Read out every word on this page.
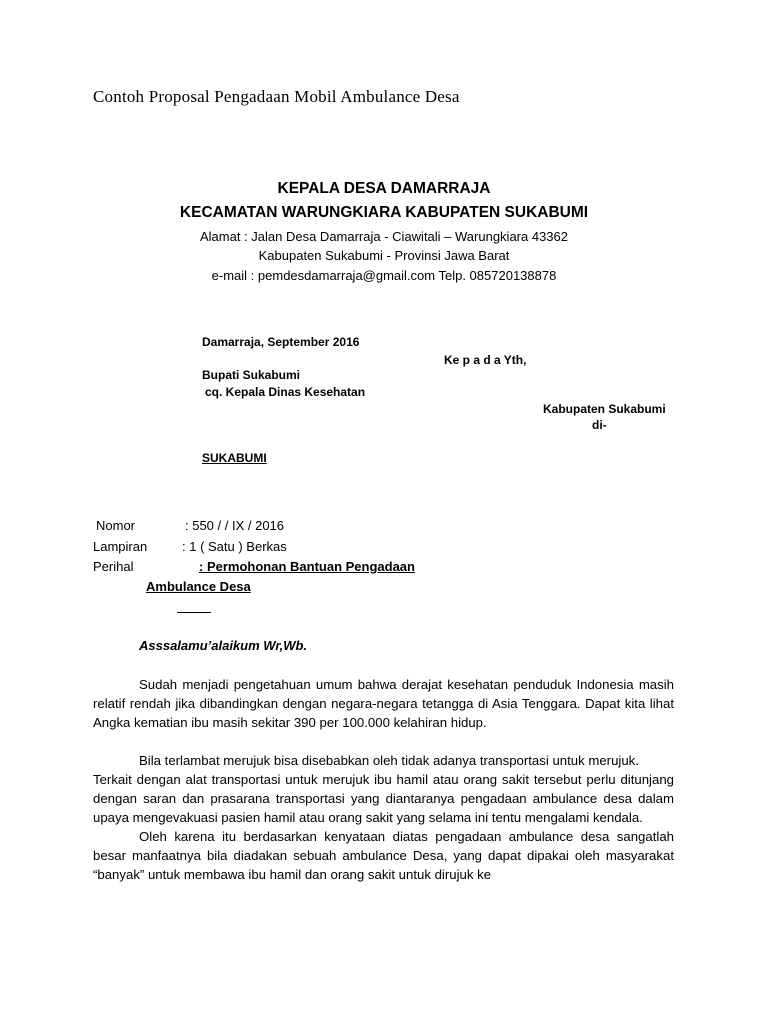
Contoh Proposal Pengadaan Mobil Ambulance Desa
KEPALA DESA DAMARRAJA
KECAMATAN WARUNGKIARA KABUPATEN SUKABUMI
Alamat : Jalan Desa Damarraja - Ciawitali – Warungkiara 43362
Kabupaten Sukabumi - Provinsi Jawa Barat
e-mail : pemdesdamarraja@gmail.com Telp. 085720138878
Damarraja, September 2016
Ke p a d a Yth,
Bupati Sukabumi
cq. Kepala Dinas Kesehatan
Kabupaten Sukabumi
di-
SUKABUMI
Nomor	: 550 / / IX / 2016
Lampiran	: 1 ( Satu ) Berkas
Perihal	: Permohonan Bantuan Pengadaan
Ambulance Desa
Asssalamu’alaikum Wr,Wb.

Sudah menjadi pengetahuan umum bahwa derajat kesehatan penduduk Indonesia masih relatif rendah jika dibandingkan dengan negara-negara tetangga di Asia Tenggara. Dapat kita lihat Angka kematian ibu masih sekitar 390 per 100.000 kelahiran hidup.

Bila terlambat merujuk bisa disebabkan oleh tidak adanya transportasi untuk merujuk.

Terkait dengan alat transportasi untuk merujuk ibu hamil atau orang sakit tersebut perlu ditunjang dengan saran dan prasarana transportasi yang diantaranya pengadaan ambulance desa dalam upaya mengevakuasi pasien hamil atau orang sakit yang selama ini tentu mengalami kendala.

Oleh karena itu berdasarkan kenyataan diatas pengadaan ambulance desa sangatlah besar manfaatnya bila diadakan sebuah ambulance Desa, yang dapat dipakai oleh masyarakat “banyak” untuk membawa ibu hamil dan orang sakit untuk dirujuk ke
